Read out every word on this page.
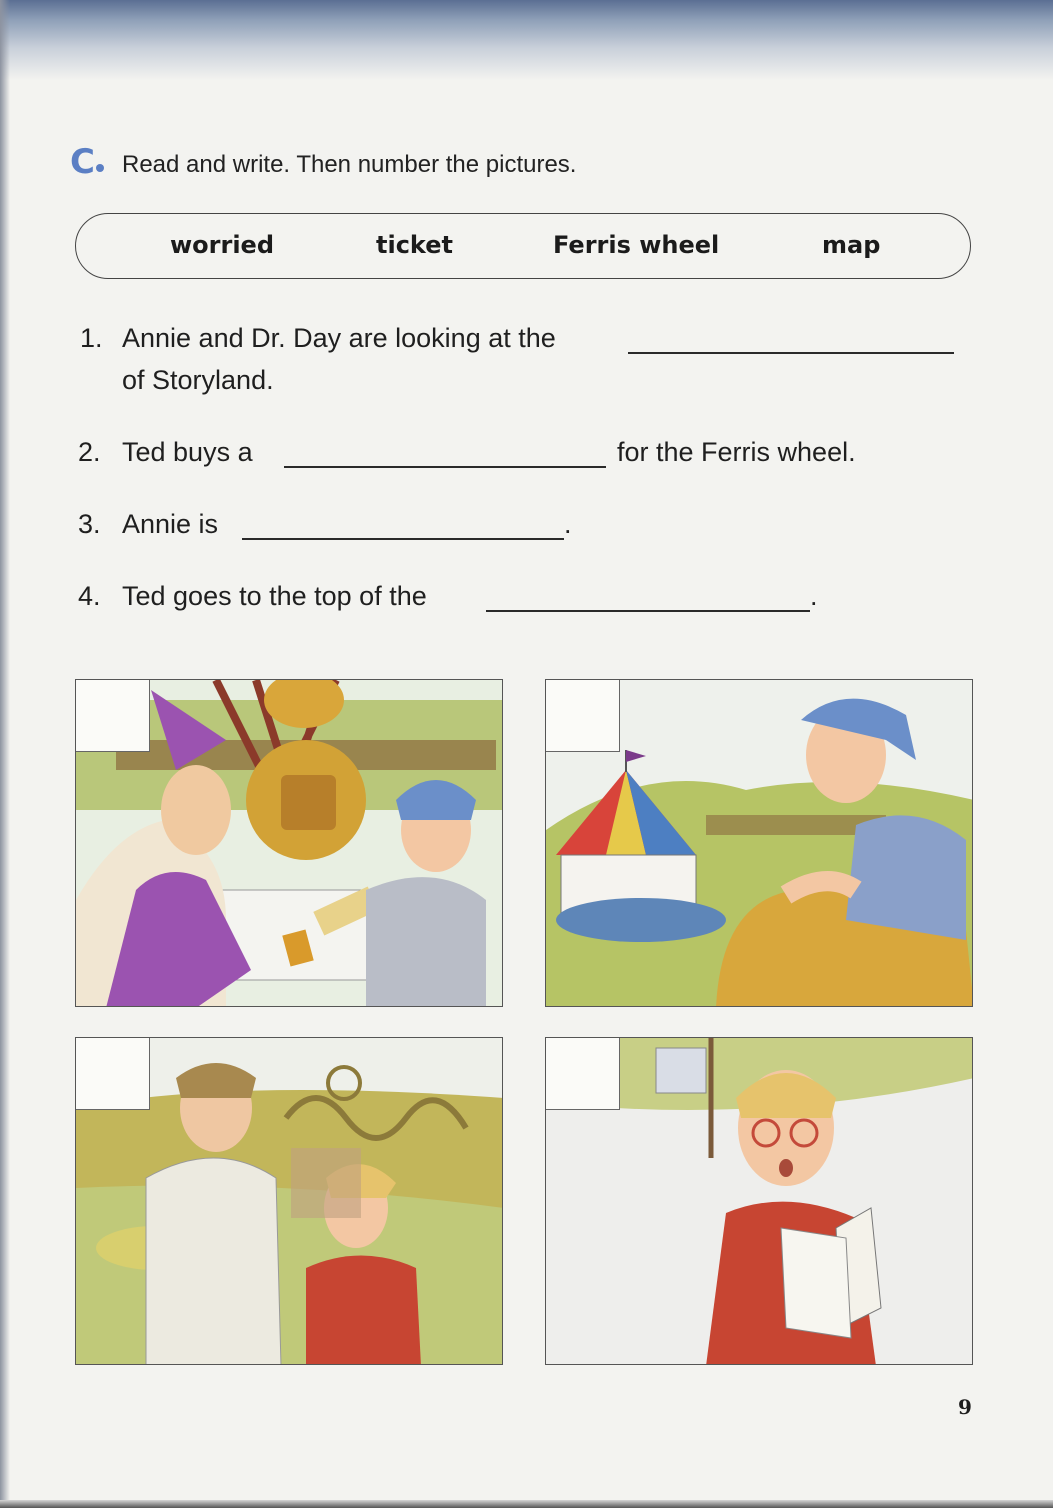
C Read and write. Then number the pictures.
worried	ticket	Ferris wheel	map
1. Annie and Dr. Day are looking at the
of Storyland.
2. Ted buys a	for the Ferris wheel.
3. Annie is	.
4. Ted goes to the top of the	.
9
